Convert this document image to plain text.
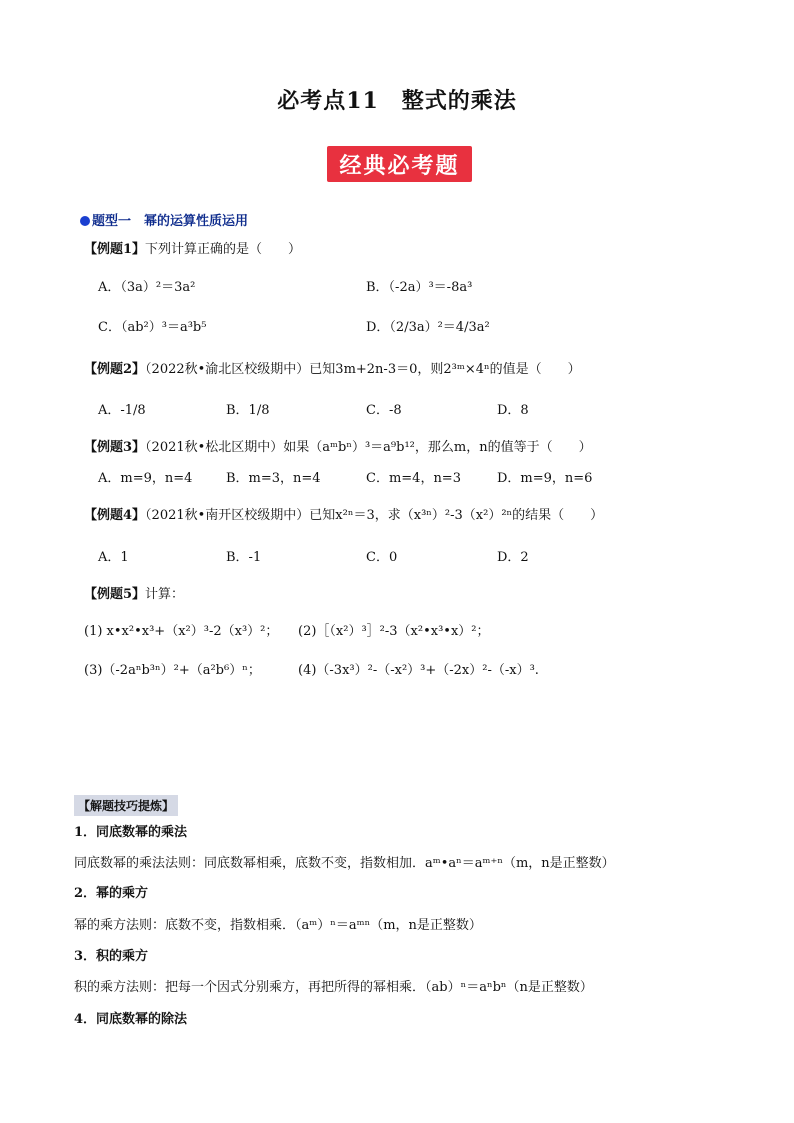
必考点11　整式的乘法
经典必考题
题型一　幂的运算性质运用
【例题1】下列计算正确的是（　　）
A．（3a）²＝3a²	B．（-2a）³＝-8a³
C．（ab²）³＝a³b⁵	D．（2/3a）²＝4/3a²
【例题2】（2022秋•渝北区校级期中）已知3m+2n-3＝0，则2³ᵐ×4ⁿ的值是（　　）
A．-1/8	B．1/8	C．-8	D．8
【例题3】（2021秋•松北区期中）如果（aᵐbⁿ）³＝a⁹b¹²，那么m，n的值等于（　　）
A．m=9，n=4	B．m=3，n=4	C．m=4，n=3	D．m=9，n=6
【例题4】（2021秋•南开区校级期中）已知x²ⁿ＝3，求（x³ⁿ）²-3（x²）²ⁿ的结果（　　）
A．1	B．-1	C．0	D．2
【例题5】计算：
(1) x•x²•x³+（x²）³-2（x³）²； (2)［（x²）³］²-3（x²•x³•x）²；
(3)（-2aⁿb³ⁿ）²+（a²b⁶）ⁿ；	(4)（-3x³）²-（-x²）³+（-2x）²-（-x）³.
【解题技巧提炼】
1．同底数幂的乘法
同底数幂的乘法法则：同底数幂相乘，底数不变，指数相加．aᵐ•aⁿ＝aᵐ⁺ⁿ（m，n是正整数）
2．幂的乘方
幂的乘方法则：底数不变，指数相乘．（aᵐ）ⁿ＝aᵐⁿ（m，n是正整数）
3．积的乘方
积的乘方法则：把每一个因式分别乘方，再把所得的幂相乘．（ab）ⁿ＝aⁿbⁿ（n是正整数）
4．同底数幂的除法
